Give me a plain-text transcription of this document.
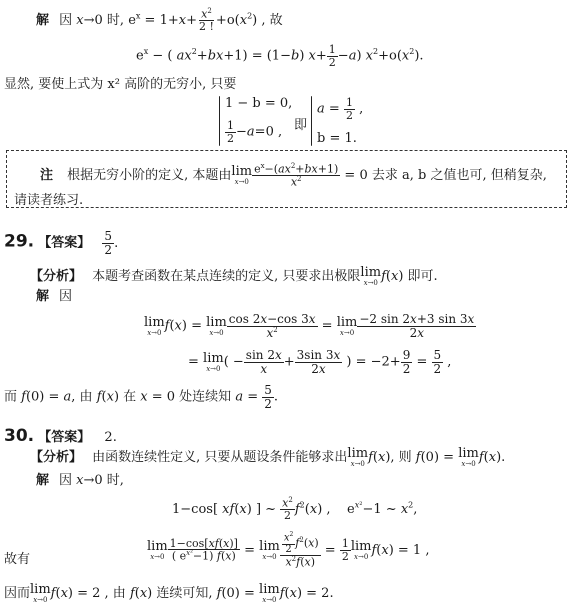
解 因 x→0 时, $e^x = 1+x+ \frac{x^2}{2 !} +o(x^2)$ , 故
$e^x$ − ( $ax^2+bx+1) = (1-b)$ $x+ \frac{1}{2} -a$) $x^2+o(x^2)$.
显然, 要使上式为 x² 高阶的无穷小, 只要
1 − b = 0,
$\frac{1}{2} -a=0$ , 即
$a = \frac{1}{2}$ ,
b = 1.
注 根据无穷小阶的定义, 本题由 lim
$x\to 0 \frac{e^x-(ax^2+bx+1)}{x^2} = 0$ 去求 a, b 之值也可, 但稍复杂,
请读者练习.
29. 【答案】 $\frac{5}{2}$ .
【分析】 本题考查函数在某点连续的定义, 只要求出极限 lim
x→0 f(x) 即可.
解 因
lim
x→0 f(x) = lim
$x\to 0 \frac{\cos 2x-\cos 3x}{x^2} = \lim$
$x\to 0 \frac{-2 \sin 2x+3 \sin 3x}{2x}$
= lim
x→0 ( − $\frac{\sin 2x}{x} + \frac{3\sin 3x}{2x}$ ) = $-2+ \frac{9}{2} = \frac{5}{2}$ ,
而 f(0) = a, 由 f(x) 在 x = 0 处连续知 $a = \frac{5}{2}$ .
30. 【答案】 2.
【分析】 由函数连续性定义, 只要从题设条件能够求出 lim
x→0 f(x), 则 f(0) = lim
x→0 f(x).
解 因 x→0 时,
1−cos[ xf(x) ] ~ $\frac{x^2}{2} f^2(x)$ ,    $e^{x^2}-1$ ~ $x^2$,
故有
lim
$x\to 0 \frac{1-\cos[xf(x)]}{( e^{x^2}-1) f(x)} = \lim$
$x\to 0 \frac{\frac{x^2}{2} f^2(x)}{x^2f(x)} = \frac{1}{2}$ lim
x→0 f(x) = 1 ,
因而 lim
x→0 f(x) = 2 , 由 f(x) 连续可知, f(0) = lim
x→0 f(x) = 2.
